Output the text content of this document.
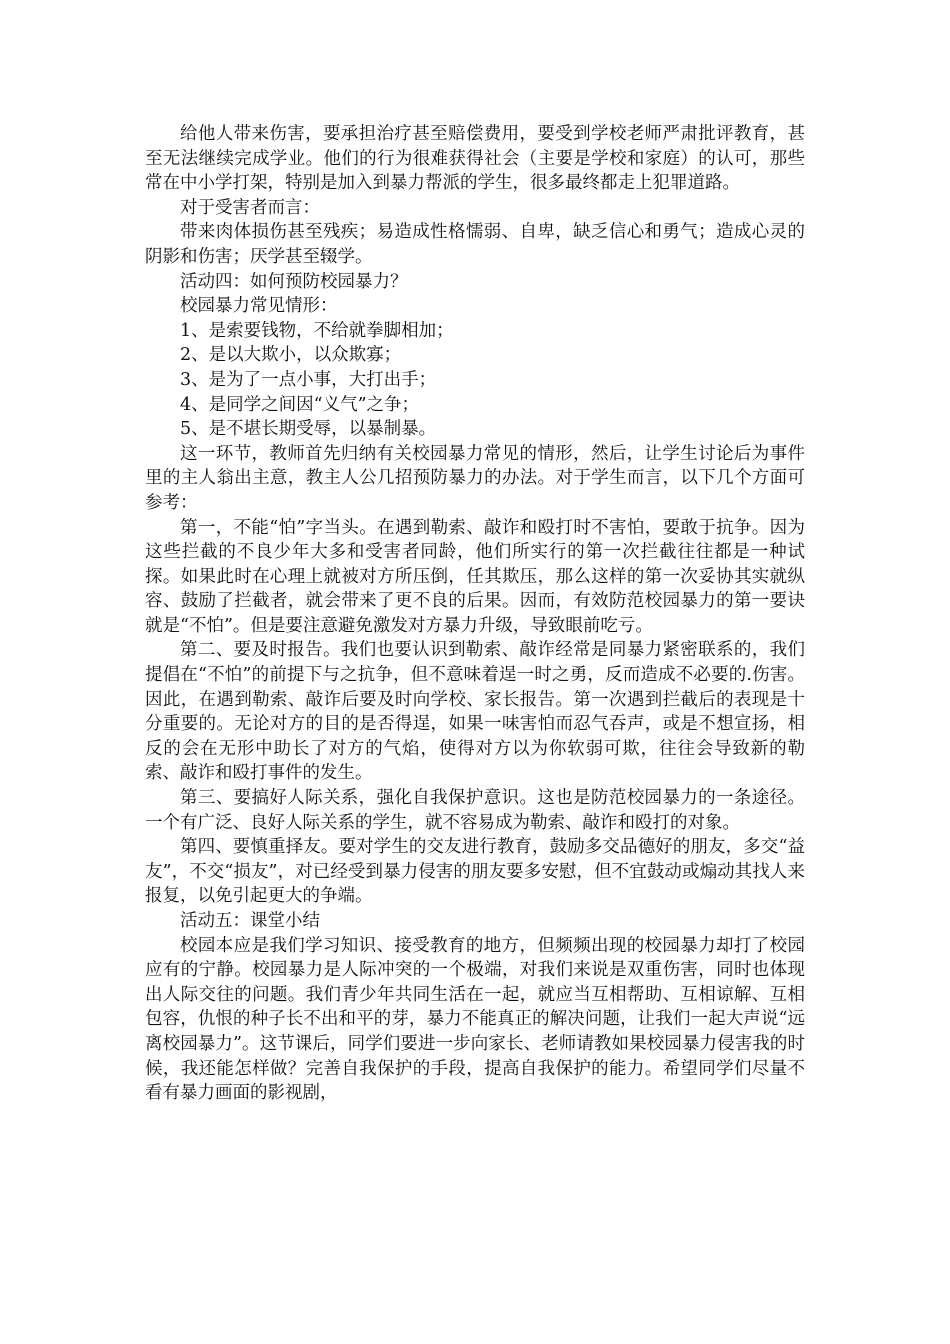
给他人带来伤害，要承担治疗甚至赔偿费用，要受到学校老师严肃批评教育，甚至无法继续完成学业。他们的行为很难获得社会（主要是学校和家庭）的认可，那些常在中小学打架，特别是加入到暴力帮派的学生，很多最终都走上犯罪道路。

对于受害者而言：

带来肉体损伤甚至残疾；易造成性格懦弱、自卑，缺乏信心和勇气；造成心灵的阴影和伤害；厌学甚至辍学。

活动四：如何预防校园暴力？

校园暴力常见情形：

1、是索要钱物，不给就拳脚相加；

2、是以大欺小，以众欺寡；

3、是为了一点小事，大打出手；

4、是同学之间因“义气”之争；

5、是不堪长期受辱，以暴制暴。

这一环节，教师首先归纳有关校园暴力常见的情形，然后，让学生讨论后为事件里的主人翁出主意，教主人公几招预防暴力的办法。对于学生而言，以下几个方面可参考：

第一，不能“怕”字当头。在遇到勒索、敲诈和殴打时不害怕，要敢于抗争。因为这些拦截的不良少年大多和受害者同龄，他们所实行的第一次拦截往往都是一种试探。如果此时在心理上就被对方所压倒，任其欺压，那么这样的第一次妥协其实就纵容、鼓励了拦截者，就会带来了更不良的后果。因而，有效防范校园暴力的第一要诀就是“不怕”。但是要注意避免激发对方暴力升级，导致眼前吃亏。

第二、要及时报告。我们也要认识到勒索、敲诈经常是同暴力紧密联系的，我们提倡在“不怕”的前提下与之抗争，但不意味着逞一时之勇，反而造成不必要的.伤害。因此，在遇到勒索、敲诈后要及时向学校、家长报告。第一次遇到拦截后的表现是十分重要的。无论对方的目的是否得逞，如果一味害怕而忍气吞声，或是不想宣扬，相反的会在无形中助长了对方的气焰，使得对方以为你软弱可欺，往往会导致新的勒索、敲诈和殴打事件的发生。

第三、要搞好人际关系，强化自我保护意识。这也是防范校园暴力的一条途径。一个有广泛、良好人际关系的学生，就不容易成为勒索、敲诈和殴打的对象。

第四、要慎重择友。要对学生的交友进行教育，鼓励多交品德好的朋友，多交“益友”，不交“损友”，对已经受到暴力侵害的朋友要多安慰，但不宜鼓动或煽动其找人来报复，以免引起更大的争端。

活动五：课堂小结

校园本应是我们学习知识、接受教育的地方，但频频出现的校园暴力却打了校园应有的宁静。校园暴力是人际冲突的一个极端，对我们来说是双重伤害，同时也体现出人际交往的问题。我们青少年共同生活在一起，就应当互相帮助、互相谅解、互相包容，仇恨的种子长不出和平的芽，暴力不能真正的解决问题，让我们一起大声说“远离校园暴力”。这节课后，同学们要进一步向家长、老师请教如果校园暴力侵害我的时候，我还能怎样做？完善自我保护的手段，提高自我保护的能力。希望同学们尽量不看有暴力画面的影视剧，
